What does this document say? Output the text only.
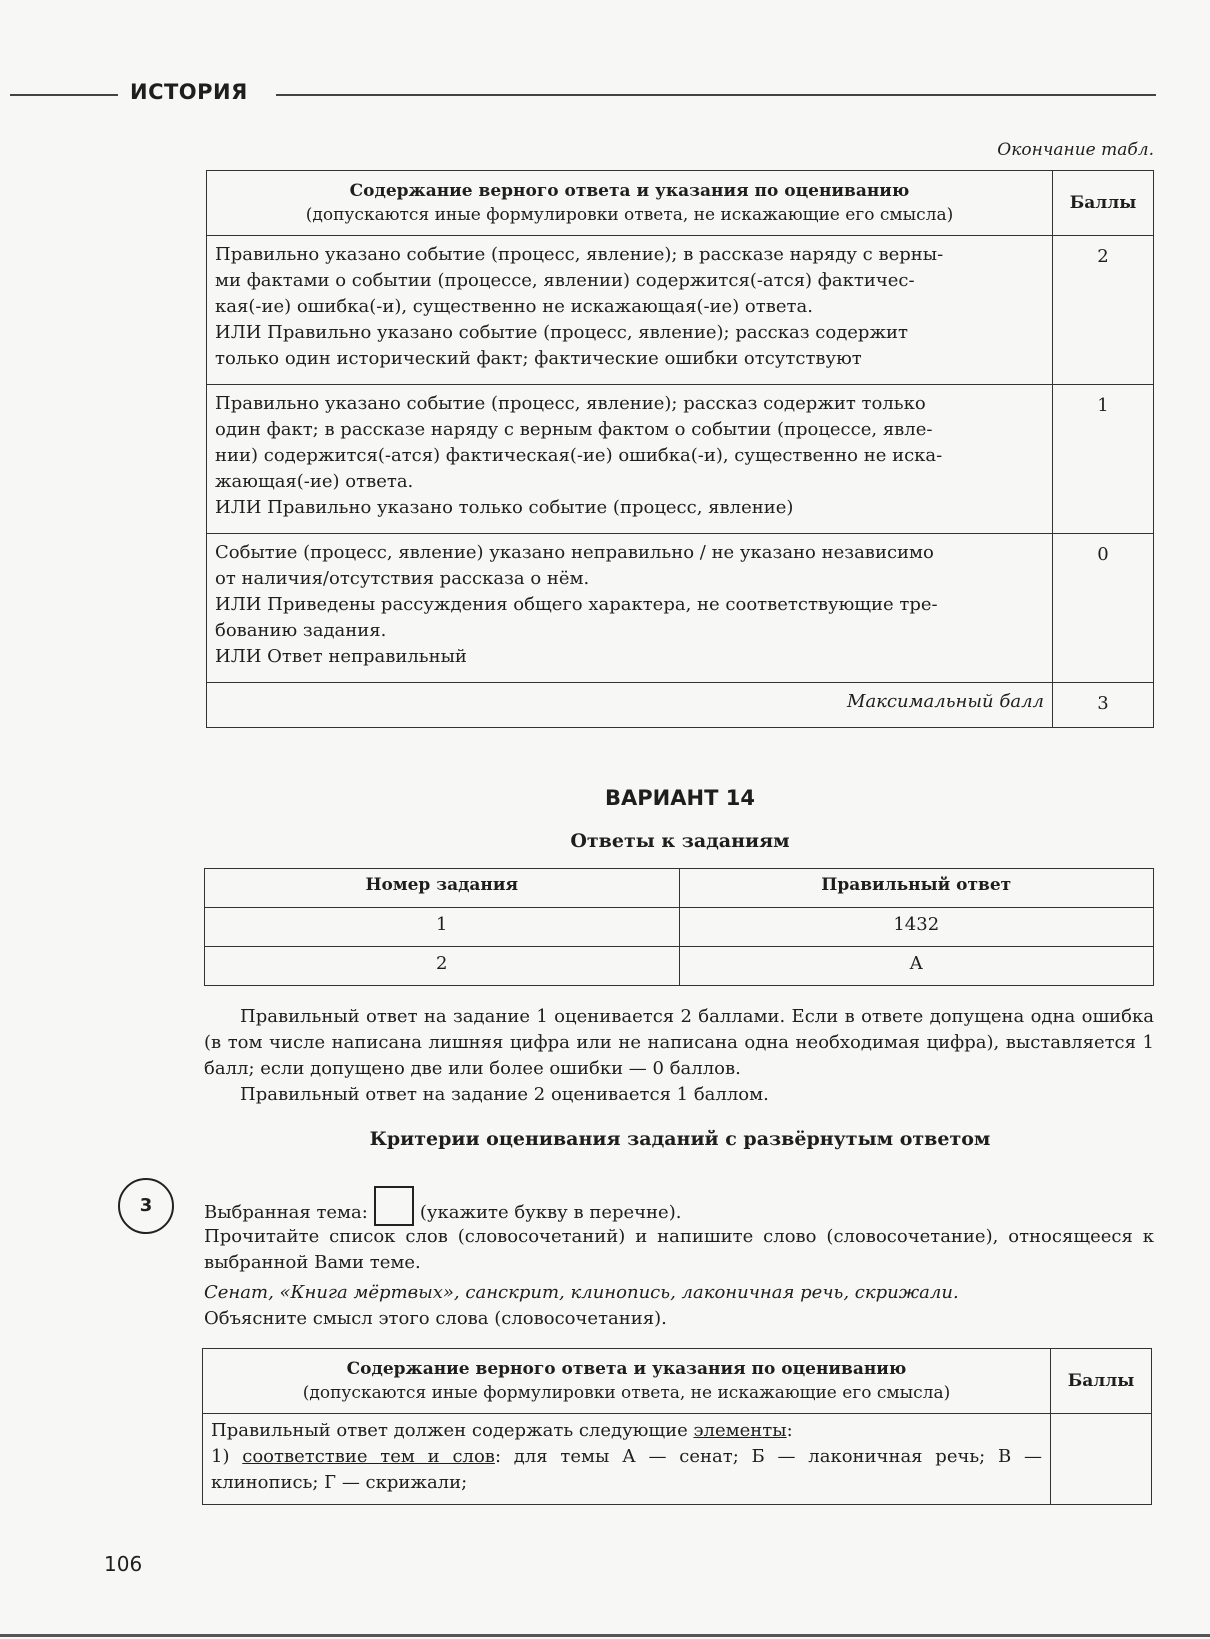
ИСТОРИЯ
Окончание табл.
Содержание верного ответа и указания по оцениванию
(допускаются иные формулировки ответа, не искажающие его смысла)	Баллы

Правильно указано событие (процесс, явление); в рассказе наряду с верны-
ми фактами о событии (процессе, явлении) содержится(-атся) фактичес-
кая(-ие) ошибка(-и), существенно не искажающая(-ие) ответа.
ИЛИ Правильно указано событие (процесс, явление); рассказ содержит
только один исторический факт; фактические ошибки отсутствуют	2

Правильно указано событие (процесс, явление); рассказ содержит только
один факт; в рассказе наряду с верным фактом о событии (процессе, явле-
нии) содержится(-атся) фактическая(-ие) ошибка(-и), существенно не иска-
жающая(-ие) ответа.
ИЛИ Правильно указано только событие (процесс, явление)	1

Событие (процесс, явление) указано неправильно / не указано независимо
от наличия/отсутствия рассказа о нём.
ИЛИ Приведены рассуждения общего характера, не соответствующие тре-
бованию задания.
ИЛИ Ответ неправильный	0
Максимальный балл	3
ВАРИАНТ 14
Ответы к заданиям
Номер задания	Правильный ответ
1	1432
2	А
Правильный ответ на задание 1 оценивается 2 баллами. Если в ответе допущена одна ошибка (в том числе написана лишняя цифра или не написана одна необходимая цифра), выставляется 1 балл; если допущено две или более ошибки — 0 баллов.
Правильный ответ на задание 2 оценивается 1 баллом.
Критерии оценивания заданий с развёрнутым ответом
3	Выбранная тема:	(укажите букву в перечне).
Прочитайте список слов (словосочетаний) и напишите слово (словосочетание), относящееся к выбранной Вами теме.
Сенат, «Книга мёртвых», санскрит, клинопись, лаконичная речь, скрижали.
Объясните смысл этого слова (словосочетания).
Содержание верного ответа и указания по оцениванию
(допускаются иные формулировки ответа, не искажающие его смысла)	Баллы

Правильный ответ должен содержать следующие элементы:
1) соответствие тем и слов: для темы А — сенат; Б — лаконичная речь; В — клинопись; Г — скрижали;	
106
